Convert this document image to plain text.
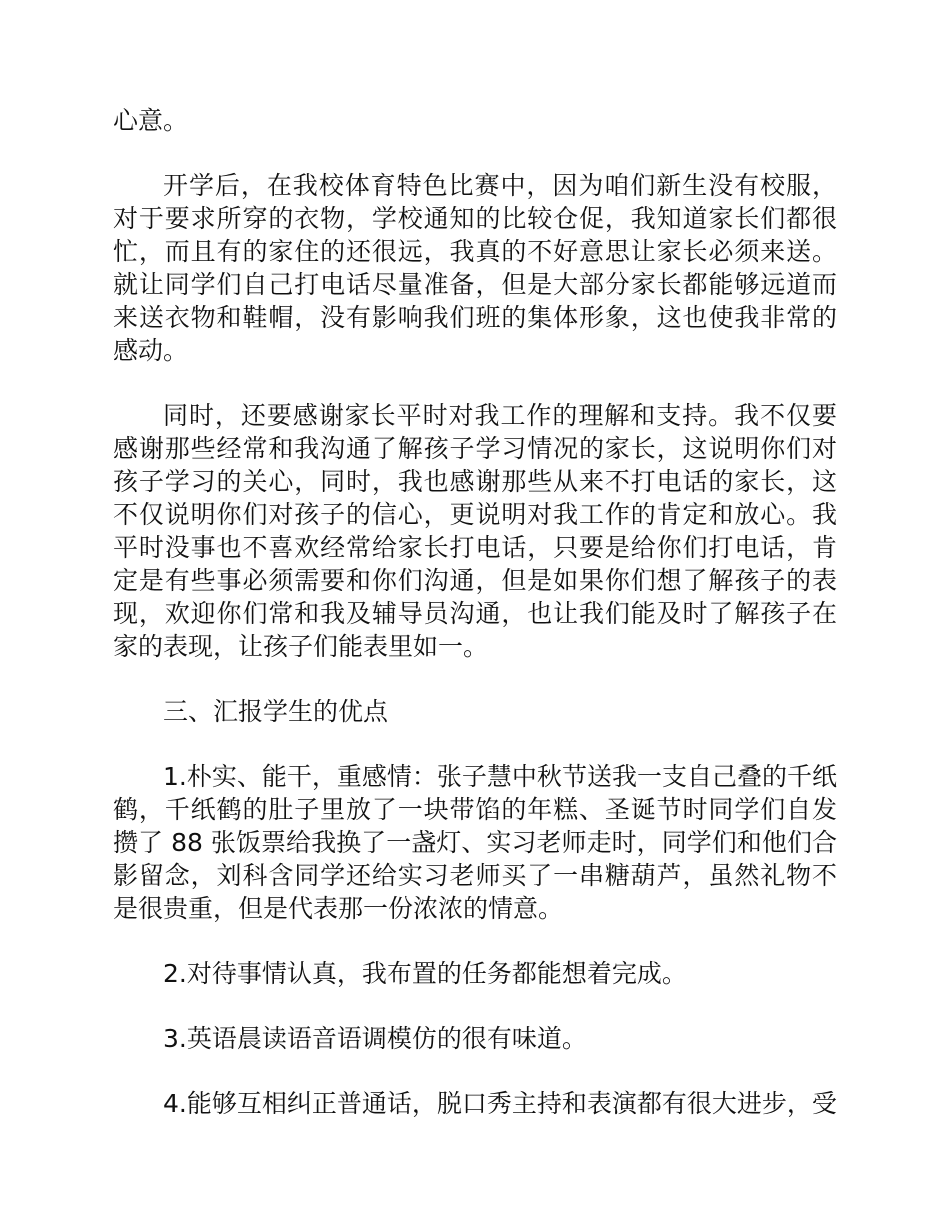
心意。

开学后，在我校体育特色比赛中，因为咱们新生没有校服，对于要求所穿的衣物，学校通知的比较仓促，我知道家长们都很忙，而且有的家住的还很远，我真的不好意思让家长必须来送。就让同学们自己打电话尽量准备，但是大部分家长都能够远道而来送衣物和鞋帽，没有影响我们班的集体形象，这也使我非常的感动。

同时，还要感谢家长平时对我工作的理解和支持。我不仅要感谢那些经常和我沟通了解孩子学习情况的家长，这说明你们对孩子学习的关心，同时，我也感谢那些从来不打电话的家长，这不仅说明你们对孩子的信心，更说明对我工作的肯定和放心。我平时没事也不喜欢经常给家长打电话，只要是给你们打电话，肯定是有些事必须需要和你们沟通，但是如果你们想了解孩子的表现，欢迎你们常和我及辅导员沟通，也让我们能及时了解孩子在家的表现，让孩子们能表里如一。

三、汇报学生的优点

1.朴实、能干，重感情：张子慧中秋节送我一支自己叠的千纸鹤，千纸鹤的肚子里放了一块带馅的年糕、圣诞节时同学们自发攒了 88 张饭票给我换了一盏灯、实习老师走时，同学们和他们合影留念，刘科含同学还给实习老师买了一串糖葫芦，虽然礼物不是很贵重，但是代表那一份浓浓的情意。

2.对待事情认真，我布置的任务都能想着完成。

3.英语晨读语音语调模仿的很有味道。

4.能够互相纠正普通话，脱口秀主持和表演都有很大进步，受
